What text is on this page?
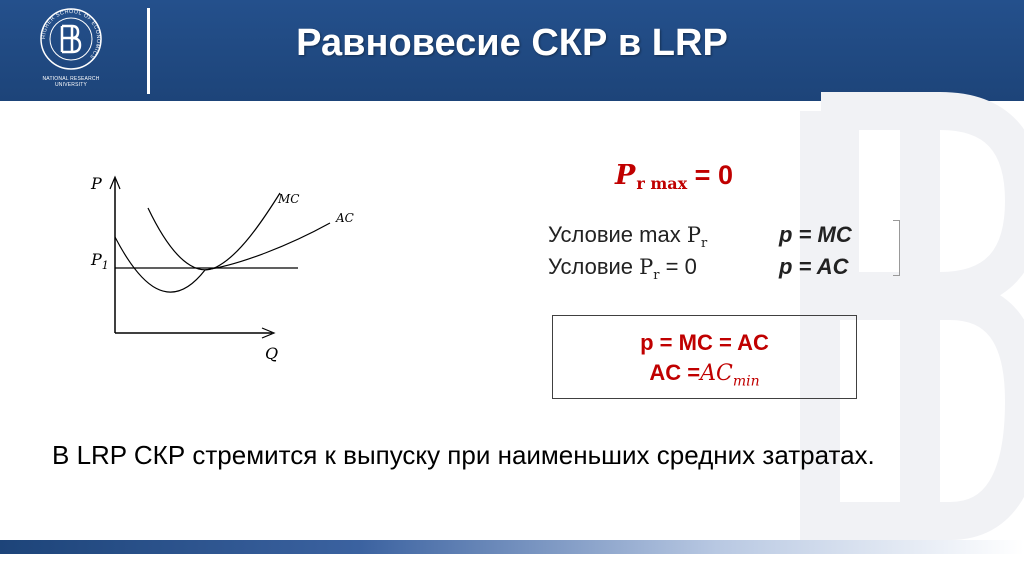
HIGHER SCHOOL OF ECONOMICS
NATIONAL RESEARCH
UNIVERSITY
Равновесие СКР в LRP
P
Q
$P_1$
MC
AC
$P_{r max} = 0$
Условие $\max P_r$	p = MC
Условие $P_r = 0$	p = AC
p = MC = AC
AC $=AC_{min}$
В LRP СКР стремится к выпуску при наименьших средних затратах.
